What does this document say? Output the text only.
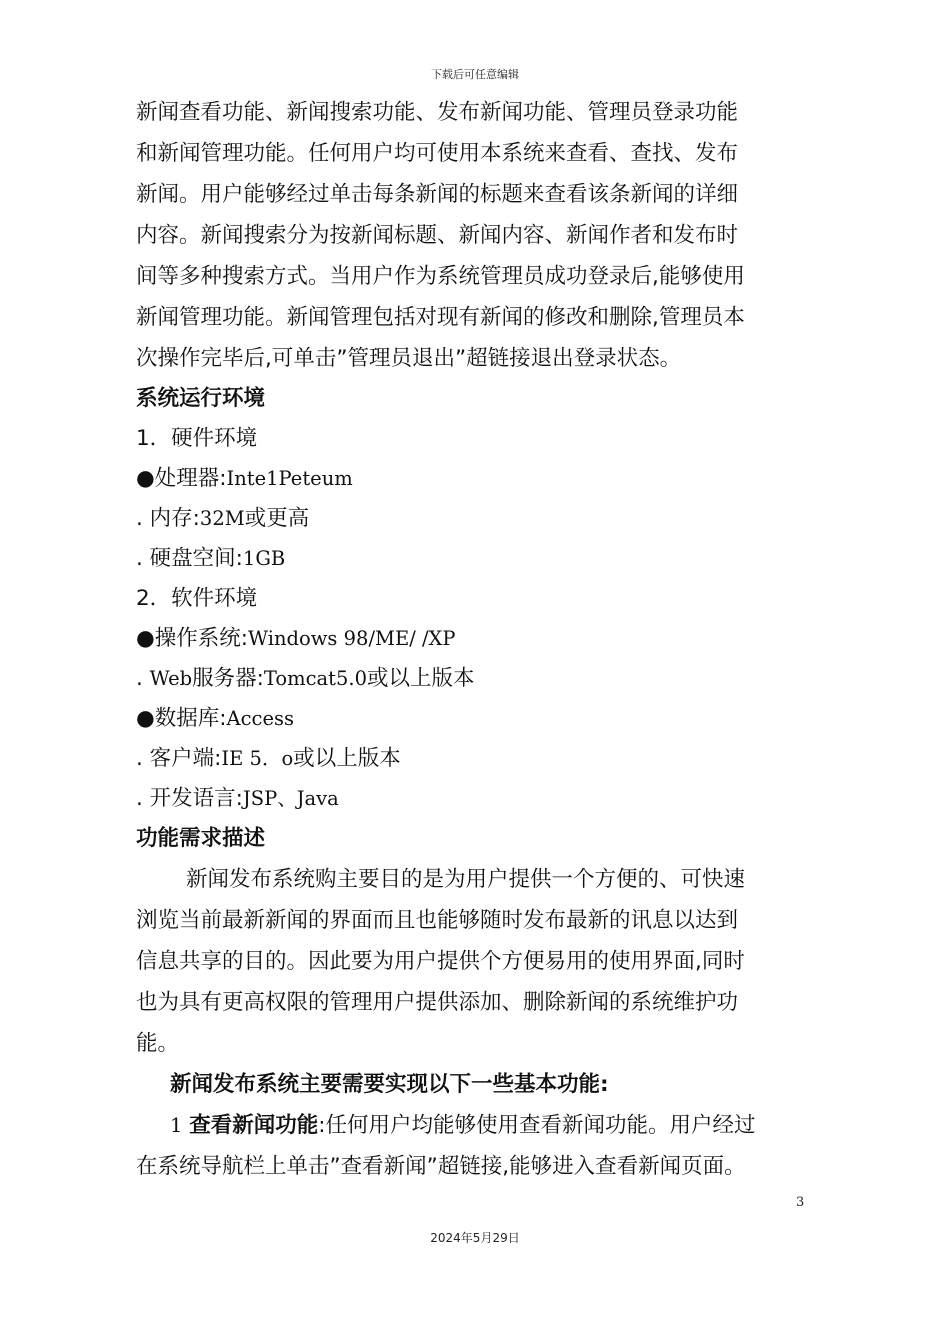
下载后可任意编辑

新闻查看功能、新闻搜索功能、发布新闻功能、管理员登录功能

和新闻管理功能。任何用户均可使用本系统来查看、查找、发布

新闻。用户能够经过单击每条新闻的标题来查看该条新闻的详细

内容。新闻搜索分为按新闻标题、新闻内容、新闻作者和发布时

间等多种搜索方式。当用户作为系统管理员成功登录后,能够使用

新闻管理功能。新闻管理包括对现有新闻的修改和删除,管理员本

次操作完毕后,可单击”管理员退出”超链接退出登录状态。

系统运行环境
1．硬件环境
●处理器:Inte1Peteum
. 内存:32M或更高
. 硬盘空间:1GB
2．软件环境
●操作系统:Windows 98/ME/ /XP
. Web服务器:Tomcat5.0或以上版本
●数据库:Access
. 客户端:IE 5．o或以上版本
. 开发语言:JSP、Java
功能需求描述

新闻发布系统购主要目的是为用户提供一个方便的、可快速

浏览当前最新新闻的界面而且也能够随时发布最新的讯息以达到

信息共享的目的。因此要为用户提供个方便易用的使用界面,同时

也为具有更高权限的管理用户提供添加、删除新闻的系统维护功

能。

新闻发布系统主要需要实现以下一些基本功能:

1 查看新闻功能:任何用户均能够使用查看新闻功能。用户经过

在系统导航栏上单击”查看新闻”超链接,能够进入查看新闻页面。

3
2024年5月29日
